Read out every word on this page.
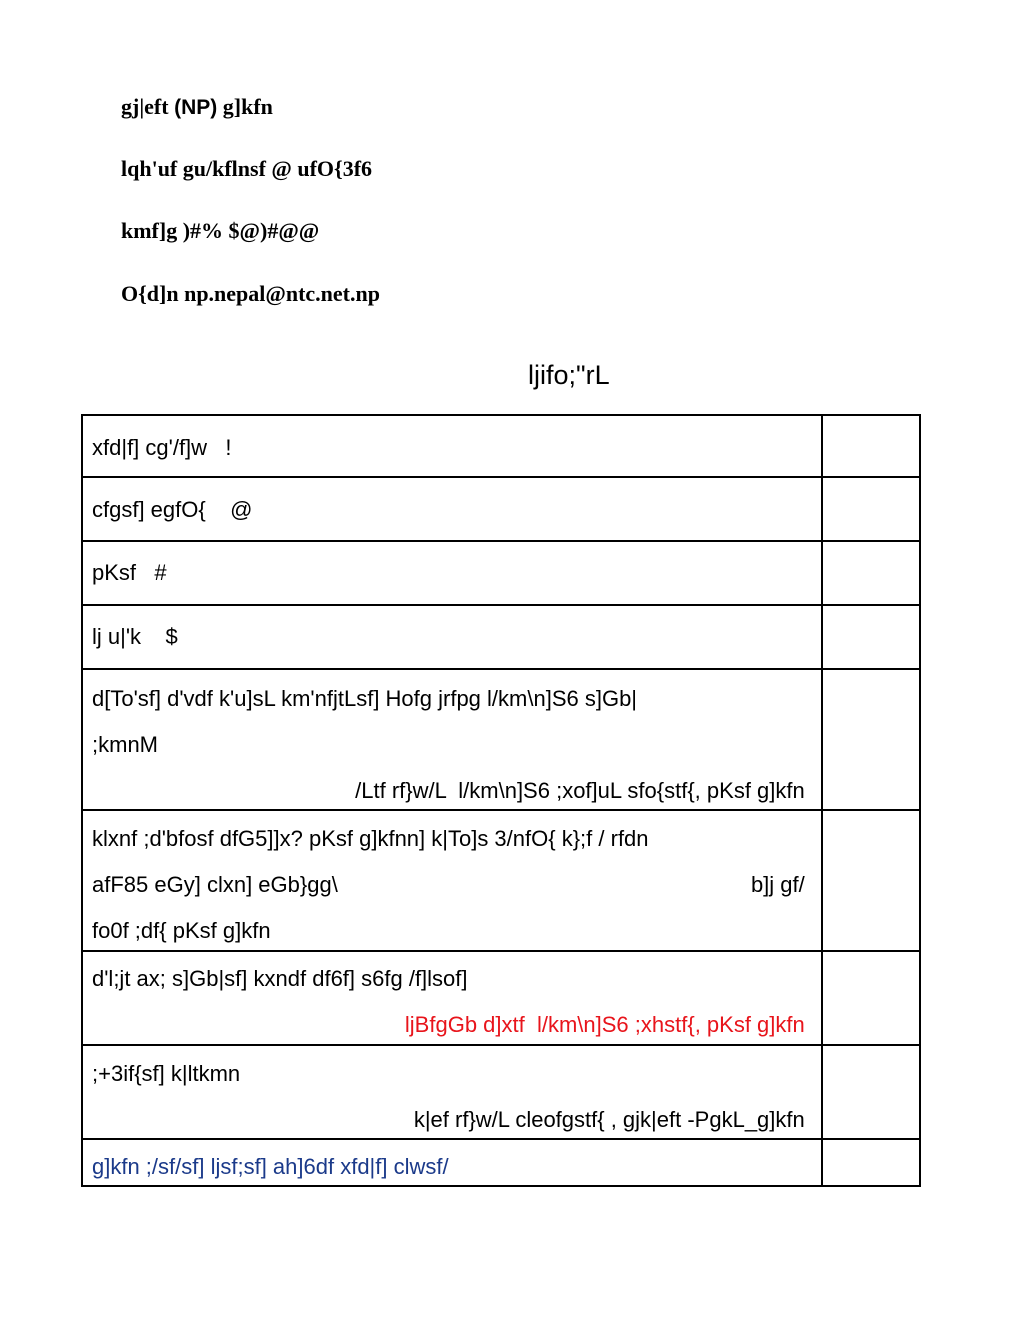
gj|eft (NP) g]kfn
lqh'uf gu/kflnsf @ ufO{3f6
kmf]g )#% $@)#@@
O{d]n np.nepal@ntc.net.np
ljifo;"rL
xfd|f] cg'/f]w   !	

cfgsf] egfO{    @	

pKsf   #	

lj u|'k    $	

d[To'sf] d'vdf k'u]sL km'nfjtLsf] Hofg jrfpg l/km\n]S6 s]Gb|
;kmnM
/Ltf rf}w/L  l/km\n]S6 ;xof]uL sfo{stf{, pKsf g]kfn	

klxnf ;d'bfosf dfG5]]x? pKsf g]kfnn] k|To]s 3/nfO{ k};f / rfdn
afF85 eGy] clxn] eGb}gg\ b]j gf/
fo0f ;df{ pKsf g]kfn	

d'l;jt ax; s]Gb|sf] kxndf df6f] s6fg /f]lsof]
ljBfgGb d]xtf  l/km\n]S6 ;xhstf{, pKsf g]kfn	

;+3if{sf] k|ltkmn
k|ef rf}w/L cleofgstf{ , gjk|eft -PgkL_g]kfn	

g]kfn ;/sf/sf] ljsf;sf] ah]6df xfd|f] clwsf/	
